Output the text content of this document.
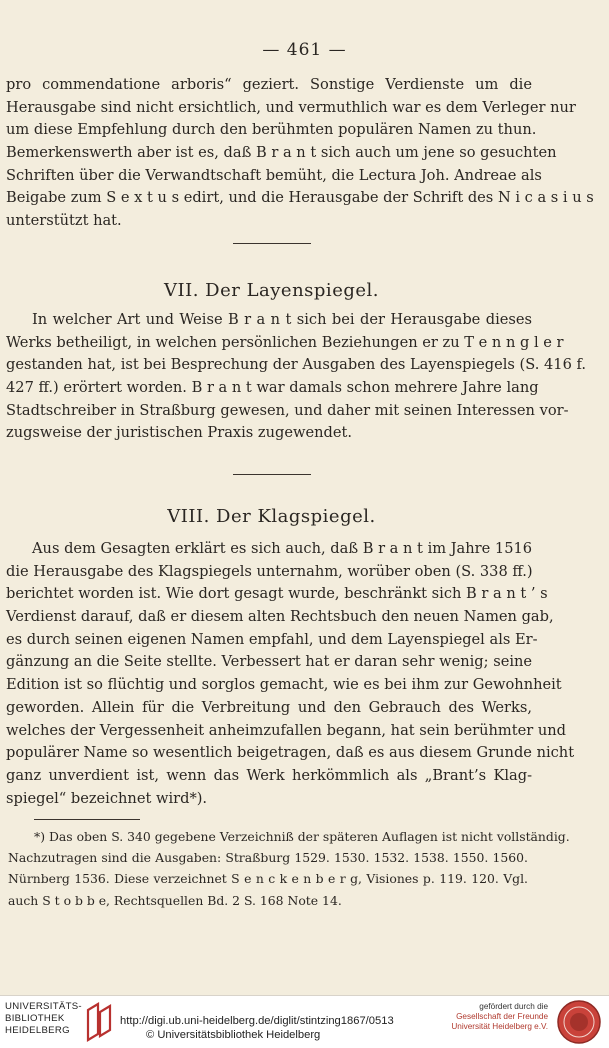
— 461 —
pro commendatione arboris“ geziert. Sonstige Verdienste um die
Herausgabe sind nicht ersichtlich, und vermuthlich war es dem Verleger nur
um diese Empfehlung durch den berühmten populären Namen zu thun.
Bemerkenswerth aber ist es, daß B r a n t sich auch um jene so gesuchten
Schriften über die Verwandtschaft bemüht, die Lectura Joh. Andreae als
Beigabe zum S e x t u s edirt, und die Herausgabe der Schrift des N i c a s i u s
unterstützt hat.
VII. Der Layenspiegel.
In welcher Art und Weise B r a n t sich bei der Herausgabe dieses
Werks betheiligt, in welchen persönlichen Beziehungen er zu T e n n g l e r
gestanden hat, ist bei Besprechung der Ausgaben des Layenspiegels (S. 416 f.
427 ff.) erörtert worden. B r a n t war damals schon mehrere Jahre lang
Stadtschreiber in Straßburg gewesen, und daher mit seinen Interessen vor-
zugsweise der juristischen Praxis zugewendet.
VIII. Der Klagspiegel.
Aus dem Gesagten erklärt es sich auch, daß B r a n t im Jahre 1516
die Herausgabe des Klagspiegels unternahm, worüber oben (S. 338 ff.)
berichtet worden ist. Wie dort gesagt wurde, beschränkt sich B r a n t ’ s
Verdienst darauf, daß er diesem alten Rechtsbuch den neuen Namen gab,
es durch seinen eigenen Namen empfahl, und dem Layenspiegel als Er-
gänzung an die Seite stellte. Verbessert hat er daran sehr wenig; seine
Edition ist so flüchtig und sorglos gemacht, wie es bei ihm zur Gewohnheit
geworden. Allein für die Verbreitung und den Gebrauch des Werks,
welches der Vergessenheit anheimzufallen begann, hat sein berühmter und
populärer Name so wesentlich beigetragen, daß es aus diesem Grunde nicht
ganz unverdient ist, wenn das Werk herkömmlich als „Brant’s Klag-
spiegel“ bezeichnet wird*).
*) Das oben S. 340 gegebene Verzeichniß der späteren Auflagen ist nicht vollständig.
Nachzutragen sind die Ausgaben: Straßburg 1529. 1530. 1532. 1538. 1550. 1560.
Nürnberg 1536. Diese verzeichnet S e n c k e n b e r g, Visiones p. 119. 120. Vgl.
auch S t o b b e, Rechtsquellen Bd. 2 S. 168 Note 14.
UNIVERSITÄTS-
BIBLIOTHEK
HEIDELBERG
http://digi.ub.uni-heidelberg.de/diglit/stintzing1867/0513
© Universitätsbibliothek Heidelberg
gefördert durch die
Gesellschaft der Freunde
Universität Heidelberg e.V.
